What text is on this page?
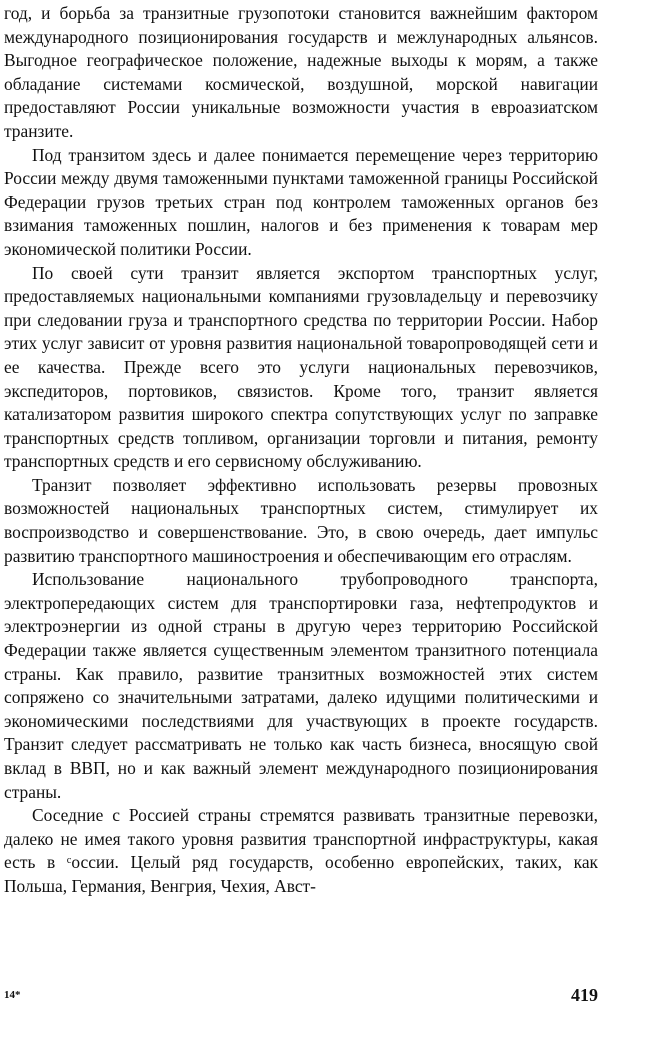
год, и борьба за транзитные грузопотоки становится важнейшим фактором международного позиционирования государств и межлународных альянсов. Выгодное географическое положение, надежные выходы к морям, а также обладание системами космической, воздушной, морской навигации предоставляют России уникальные возможности участия в евроазиатском транзите.

Под транзитом здесь и далее понимается перемещение через территорию России между двумя таможенными пунктами таможенной границы Российской Федерации грузов третьих стран под контролем таможенных органов без взимания таможенных пошлин, налогов и без применения к товарам мер экономической политики России.

По своей сути транзит является экспортом транспортных услуг, предоставляемых национальными компаниями грузовладельцу и перевозчику при следовании груза и транспортного средства по территории России. Набор этих услуг зависит от уровня развития национальной товаропроводящей сети и ее качества. Прежде всего это услуги национальных перевозчиков, экспедиторов, портовиков, связистов. Кроме того, транзит является катализатором развития широкого спектра сопутствующих услуг по заправке транспортных средств топливом, организации торговли и питания, ремонту транспортных средств и его сервисному обслуживанию.

Транзит позволяет эффективно использовать резервы провозных возможностей национальных транспортных систем, стимулирует их воспроизводство и совершенствование. Это, в свою очередь, дает импульс развитию транспортного машиностроения и обеспечивающим его отраслям.

Использование национального трубопроводного транспорта, электропередающих систем для транспортировки газа, нефтепродуктов и электроэнергии из одной страны в другую через территорию Российской Федерации также является существенным элементом транзитного потенциала страны. Как правило, развитие транзитных возможностей этих систем сопряжено со значительными затратами, далеко идущими политическими и экономическими последствиями для участвующих в проекте государств. Транзит следует рассматривать не только как часть бизнеса, вносящую свой вклад в ВВП, но и как важный элемент международного позиционирования страны.

Соседние с Россией страны стремятся развивать транзитные перевозки, далеко не имея такого уровня развития транспортной инфраструктуры, какая есть в ᶜоссии. Целый ряд государств, особенно европейских, таких, как Польша, Германия, Венгрия, Чехия, Авст-

14*	419
